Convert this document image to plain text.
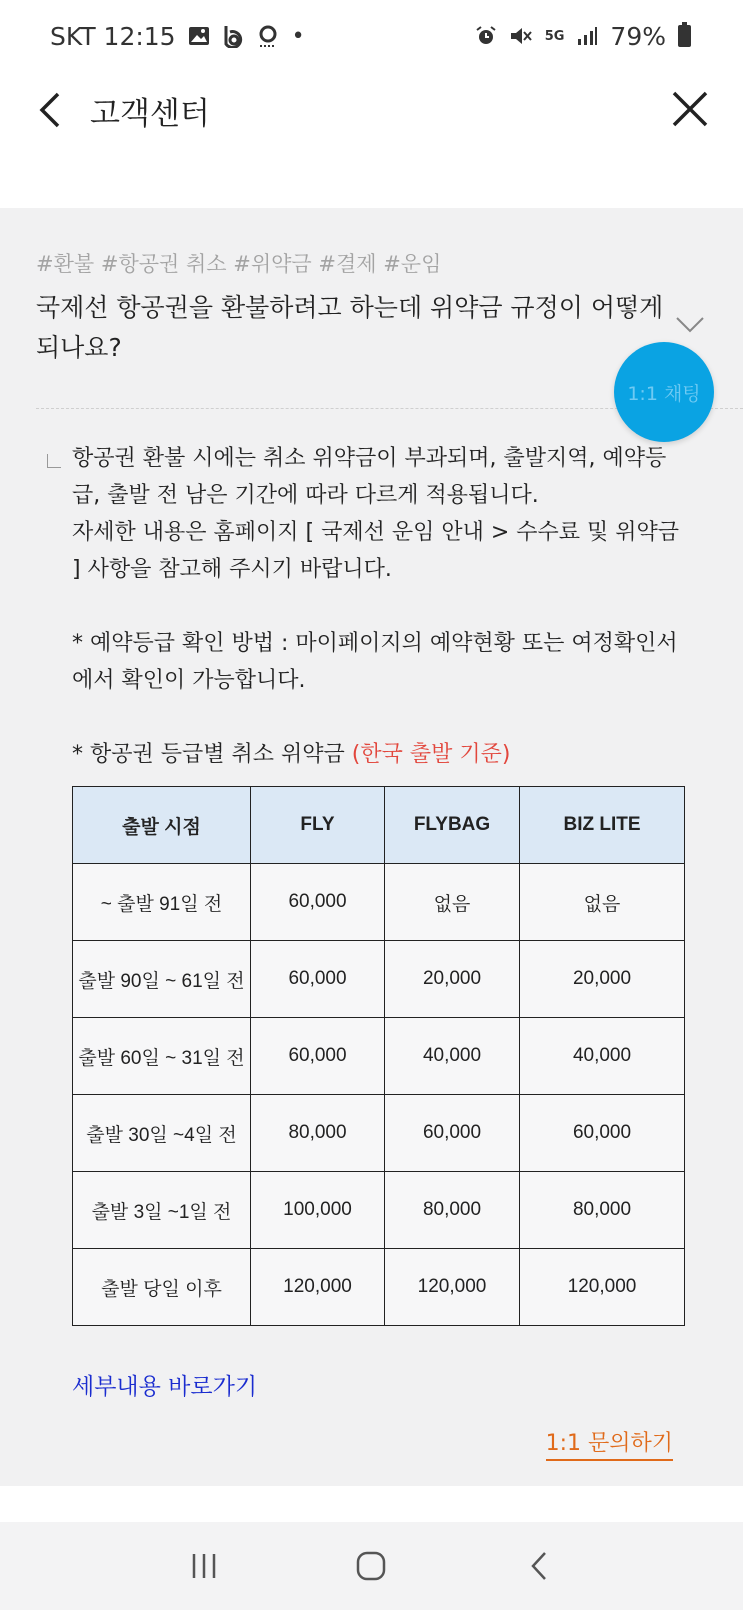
SKT 12:15	•	5G 79%
고객센터
#환불 #항공권 취소 #위약금 #결제 #운임
국제선 항공권을 환불하려고 하는데 위약금 규정이 어떻게 되나요?
1:1 채팅

항공권 환불 시에는 취소 위약금이 부과되며, 출발지역, 예약등급, 출발 전 남은 기간에 따라 다르게 적용됩니다.

자세한 내용은 홈페이지 [ 국제선 운임 안내 > 수수료 및 위약금 ] 사항을 참고해 주시기 바랍니다.

* 예약등급 확인 방법 : 마이페이지의 예약현황 또는 여정확인서에서 확인이 가능합니다.

* 항공권 등급별 취소 위약금 (한국 출발 기준)

출발 시점	FLY	FLYBAG	BIZ LITE
~ 출발 91일 전	60,000	없음	없음
출발 90일 ~ 61일 전	60,000	20,000	20,000
출발 60일 ~ 31일 전	60,000	40,000	40,000
출발 30일 ~4일 전	80,000	60,000	60,000
출발 3일 ~1일 전	100,000	80,000	80,000
출발 당일 이후	120,000	120,000	120,000
세부내용 바로가기
1:1 문의하기
